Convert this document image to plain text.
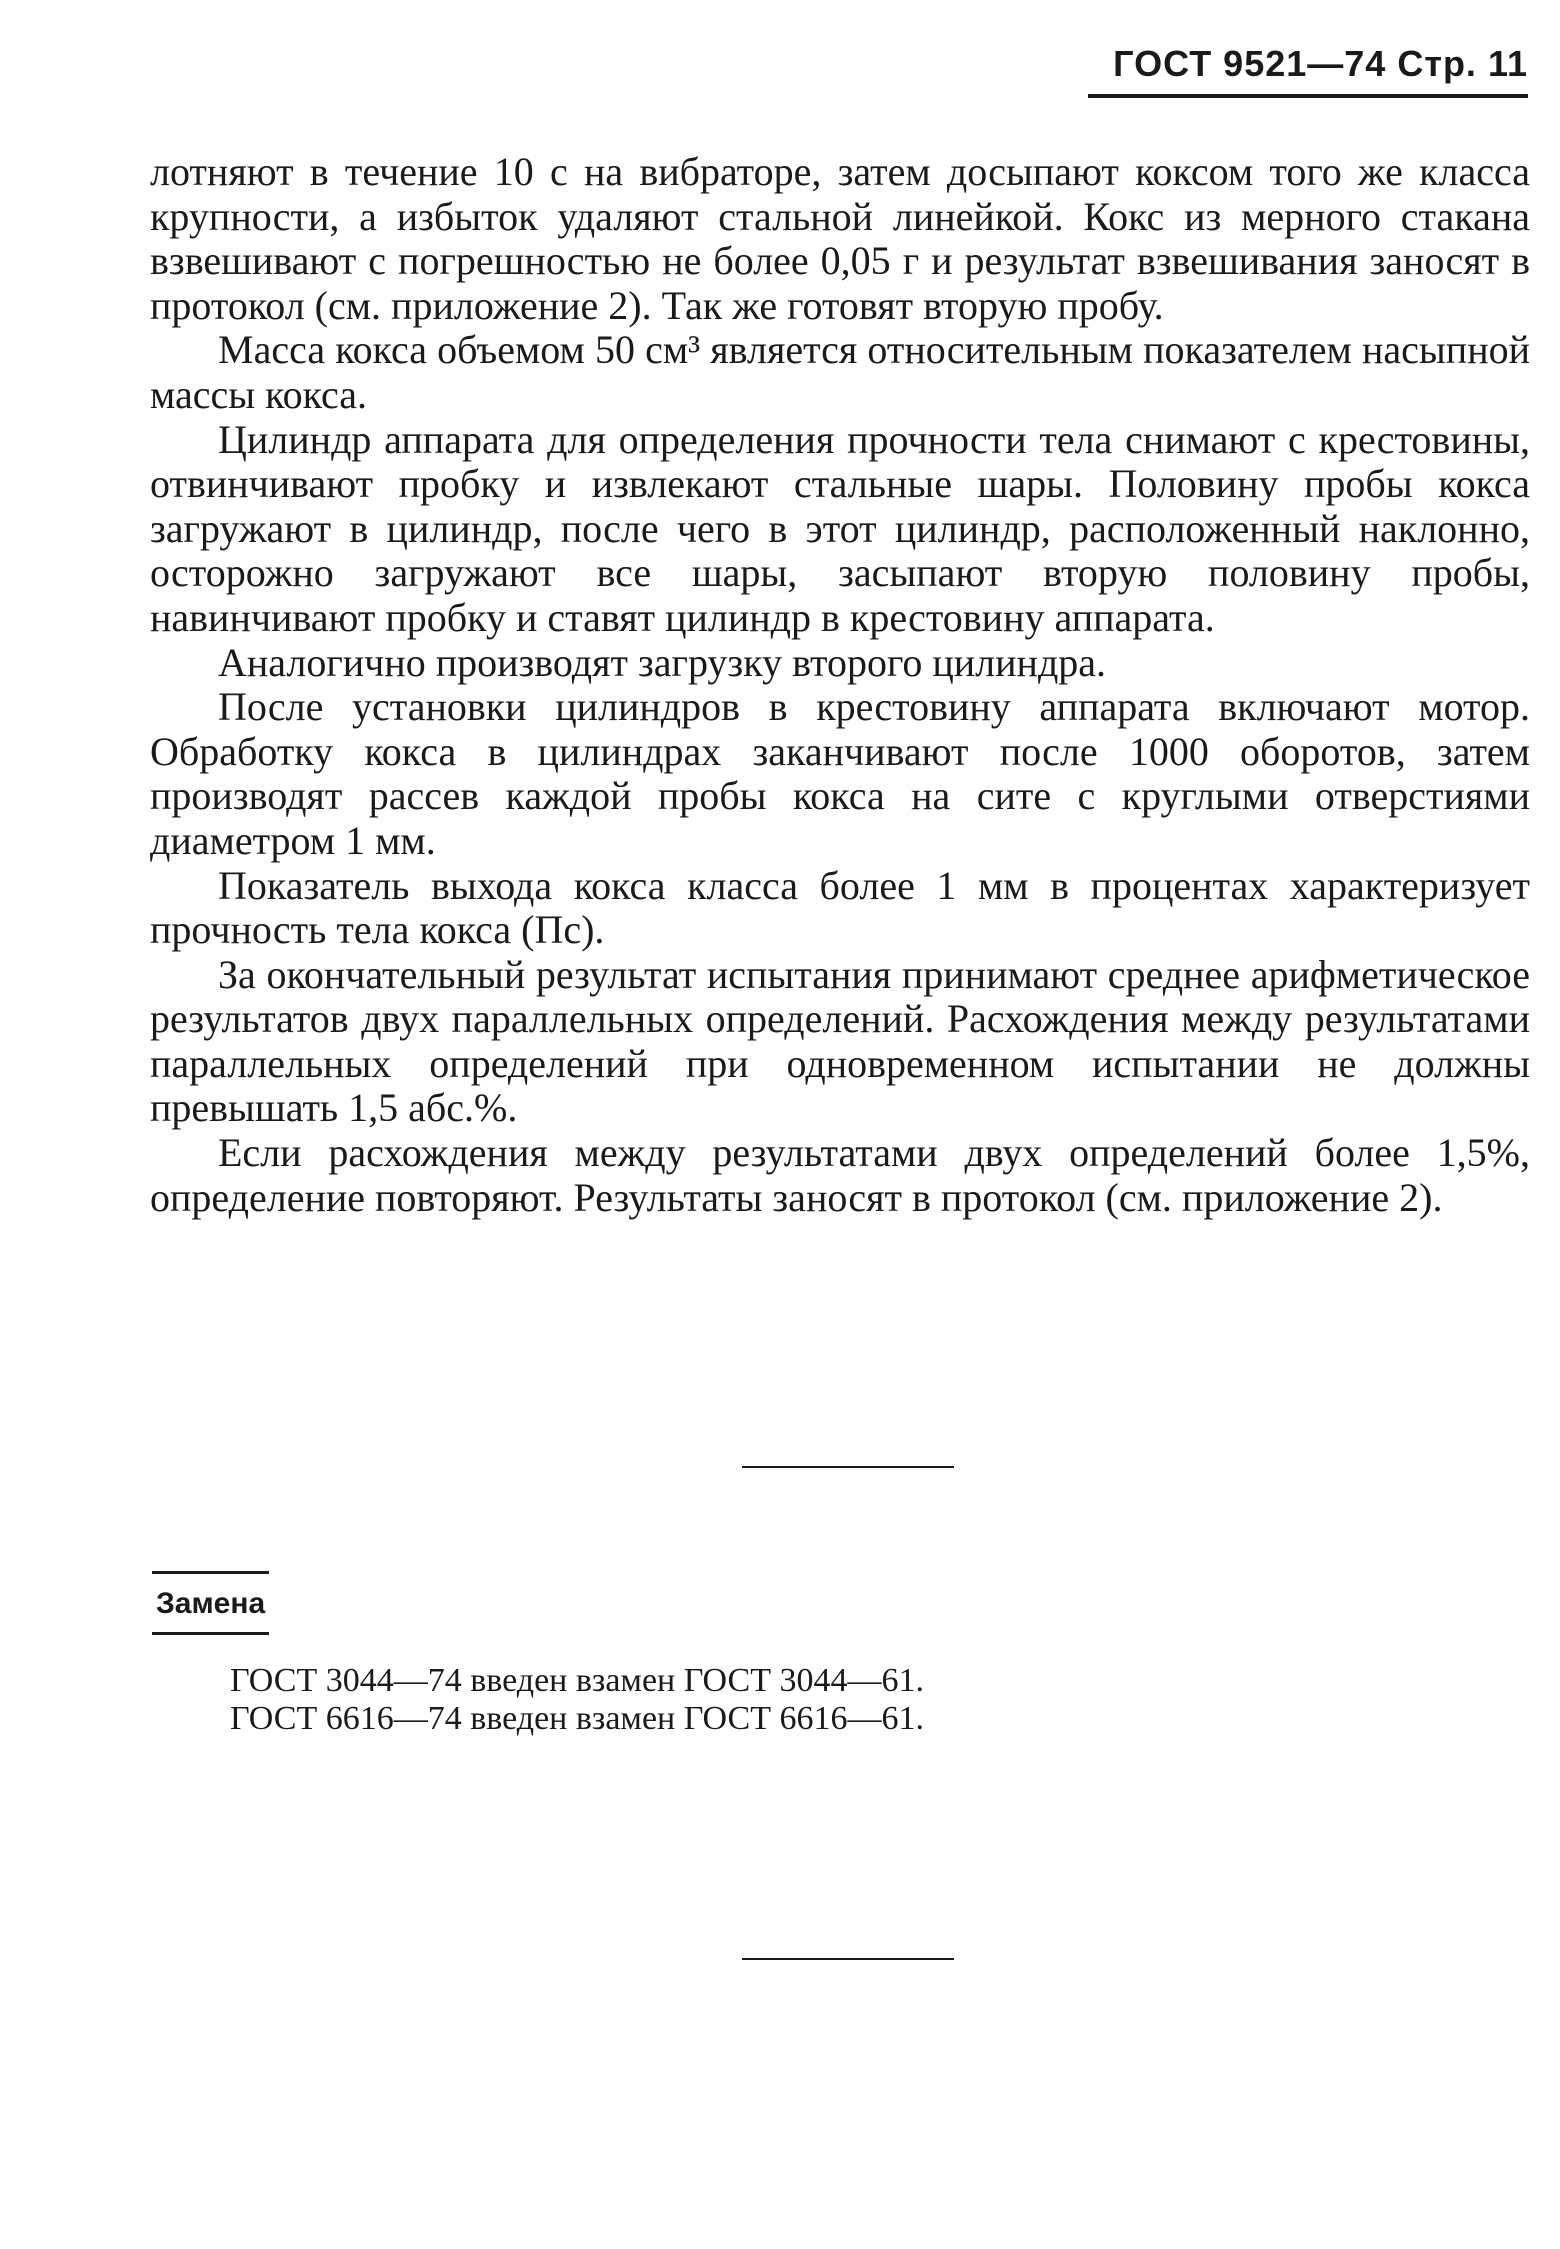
ГОСТ 9521—74 Стр. 11

лотняют в течение 10 с на вибраторе, затем досыпают коксом того же класса крупности, а избыток удаляют стальной линейкой. Кокс из мерного стакана взвешивают с погрешностью не более 0,05 г и результат взвешивания заносят в протокол (см. приложение 2). Так же готовят вторую пробу.

Масса кокса объемом 50 см³ является относительным показателем насыпной массы кокса.

Цилиндр аппарата для определения прочности тела снимают с крестовины, отвинчивают пробку и извлекают стальные шары. Половину пробы кокса загружают в цилиндр, после чего в этот цилиндр, расположенный наклонно, осторожно загружают все шары, засыпают вторую половину пробы, навинчивают пробку и ставят цилиндр в крестовину аппарата.

Аналогично производят загрузку второго цилиндра.

После установки цилиндров в крестовину аппарата включают мотор. Обработку кокса в цилиндрах заканчивают после 1000 оборотов, затем производят рассев каждой пробы кокса на сите с круглыми отверстиями диаметром 1 мм.

Показатель выхода кокса класса более 1 мм в процентах характеризует прочность тела кокса (Пс).

За окончательный результат испытания принимают среднее арифметическое результатов двух параллельных определений. Расхождения между результатами параллельных определений при одновременном испытании не должны превышать 1,5 абс.%.

Если расхождения между результатами двух определений более 1,5%, определение повторяют. Результаты заносят в протокол (см. приложение 2).

Замена
ГОСТ 3044—74 введен взамен ГОСТ 3044—61.
ГОСТ 6616—74 введен взамен ГОСТ 6616—61.
